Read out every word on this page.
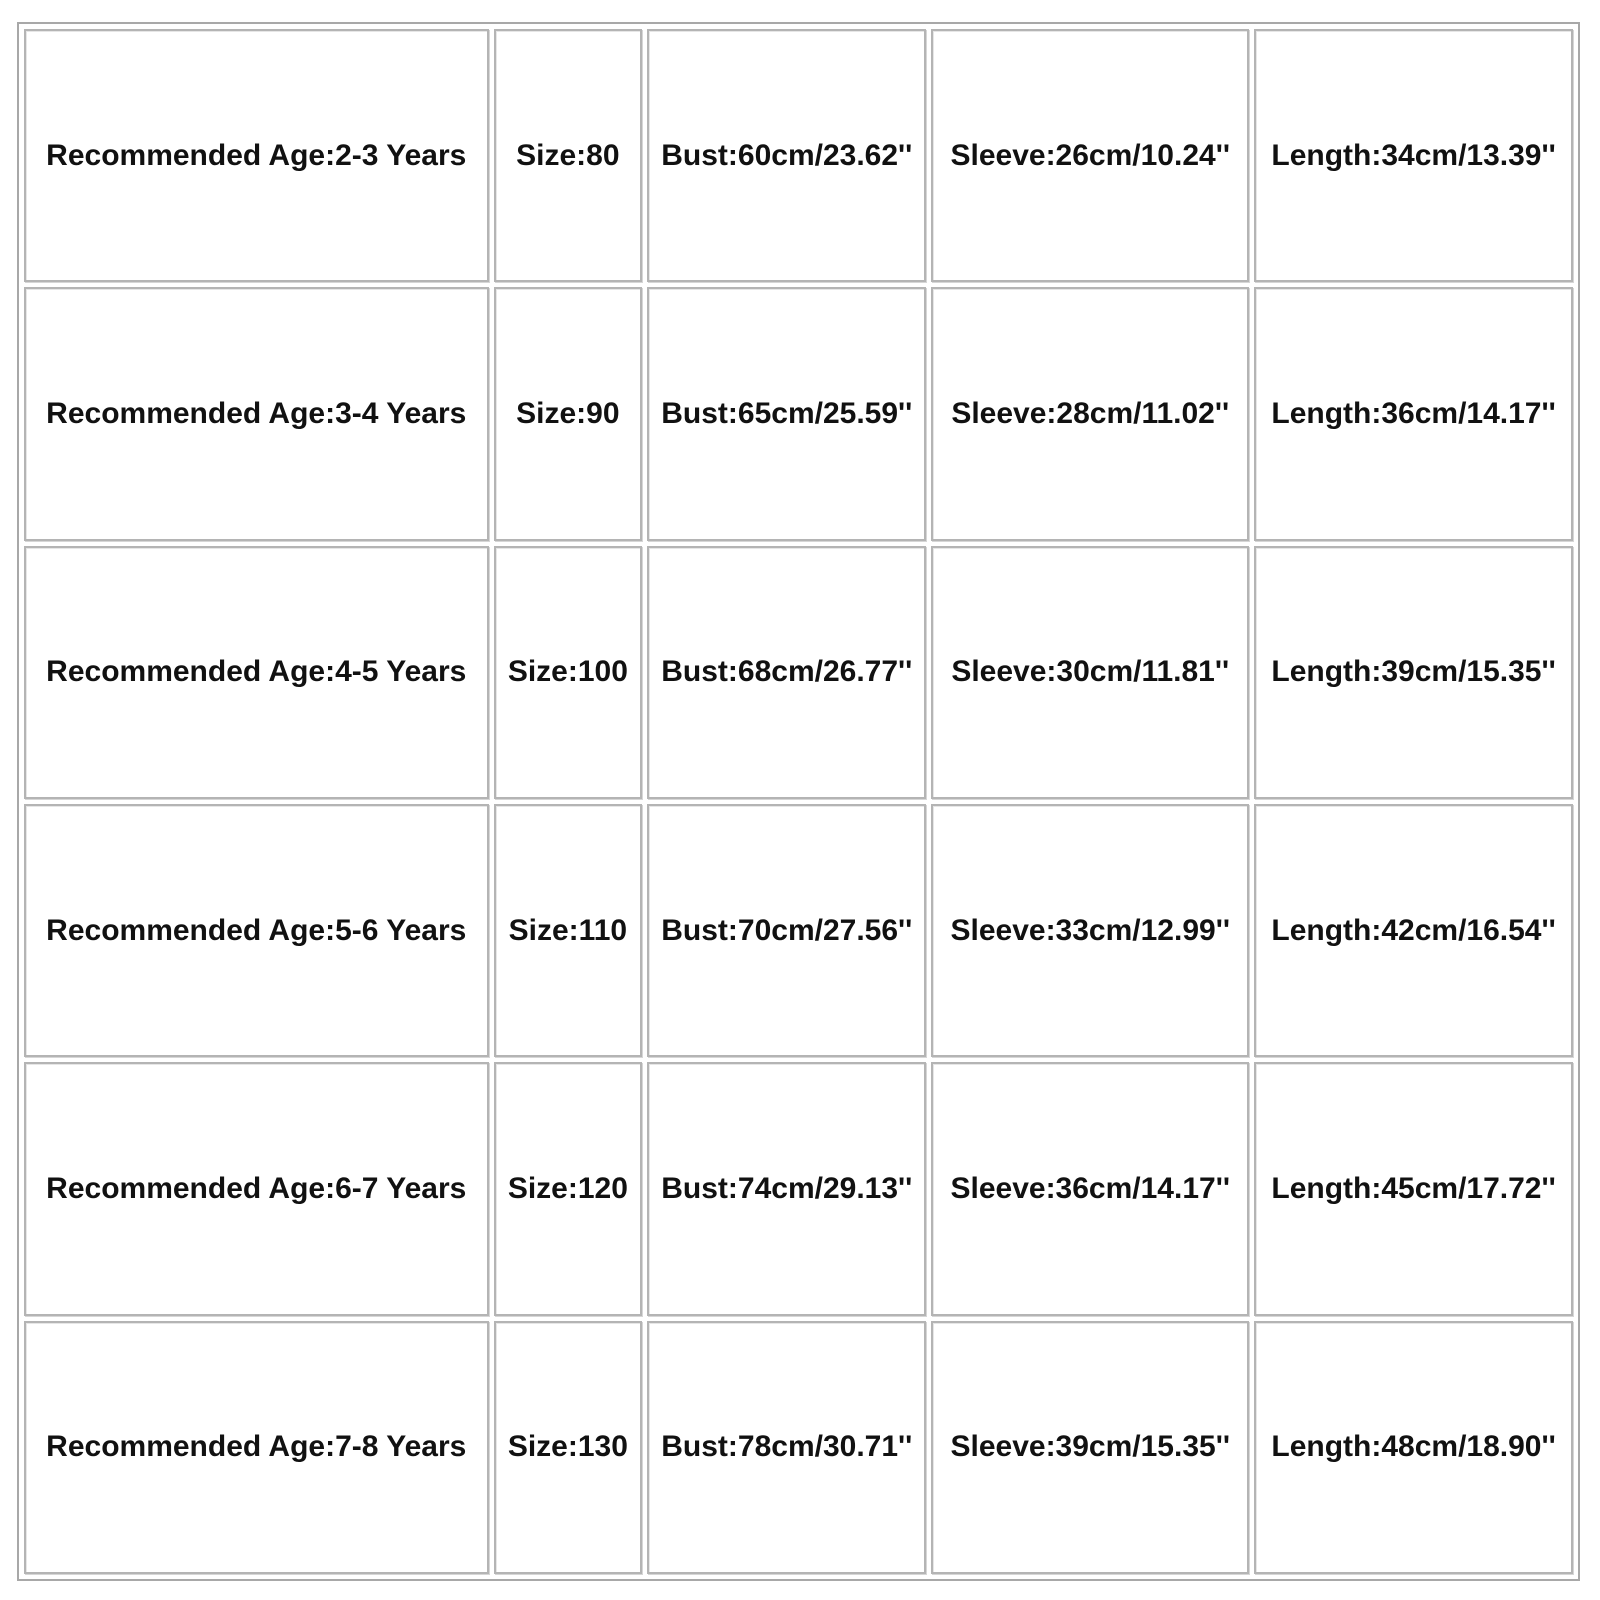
Recommended Age:2-3 Years	Size:80	Bust:60cm/23.62''	Sleeve:26cm/10.24''	Length:34cm/13.39''
Recommended Age:3-4 Years	Size:90	Bust:65cm/25.59''	Sleeve:28cm/11.02''	Length:36cm/14.17''
Recommended Age:4-5 Years	Size:100	Bust:68cm/26.77''	Sleeve:30cm/11.81''	Length:39cm/15.35''
Recommended Age:5-6 Years	Size:110	Bust:70cm/27.56''	Sleeve:33cm/12.99''	Length:42cm/16.54''
Recommended Age:6-7 Years	Size:120	Bust:74cm/29.13''	Sleeve:36cm/14.17''	Length:45cm/17.72''
Recommended Age:7-8 Years	Size:130	Bust:78cm/30.71''	Sleeve:39cm/15.35''	Length:48cm/18.90''
